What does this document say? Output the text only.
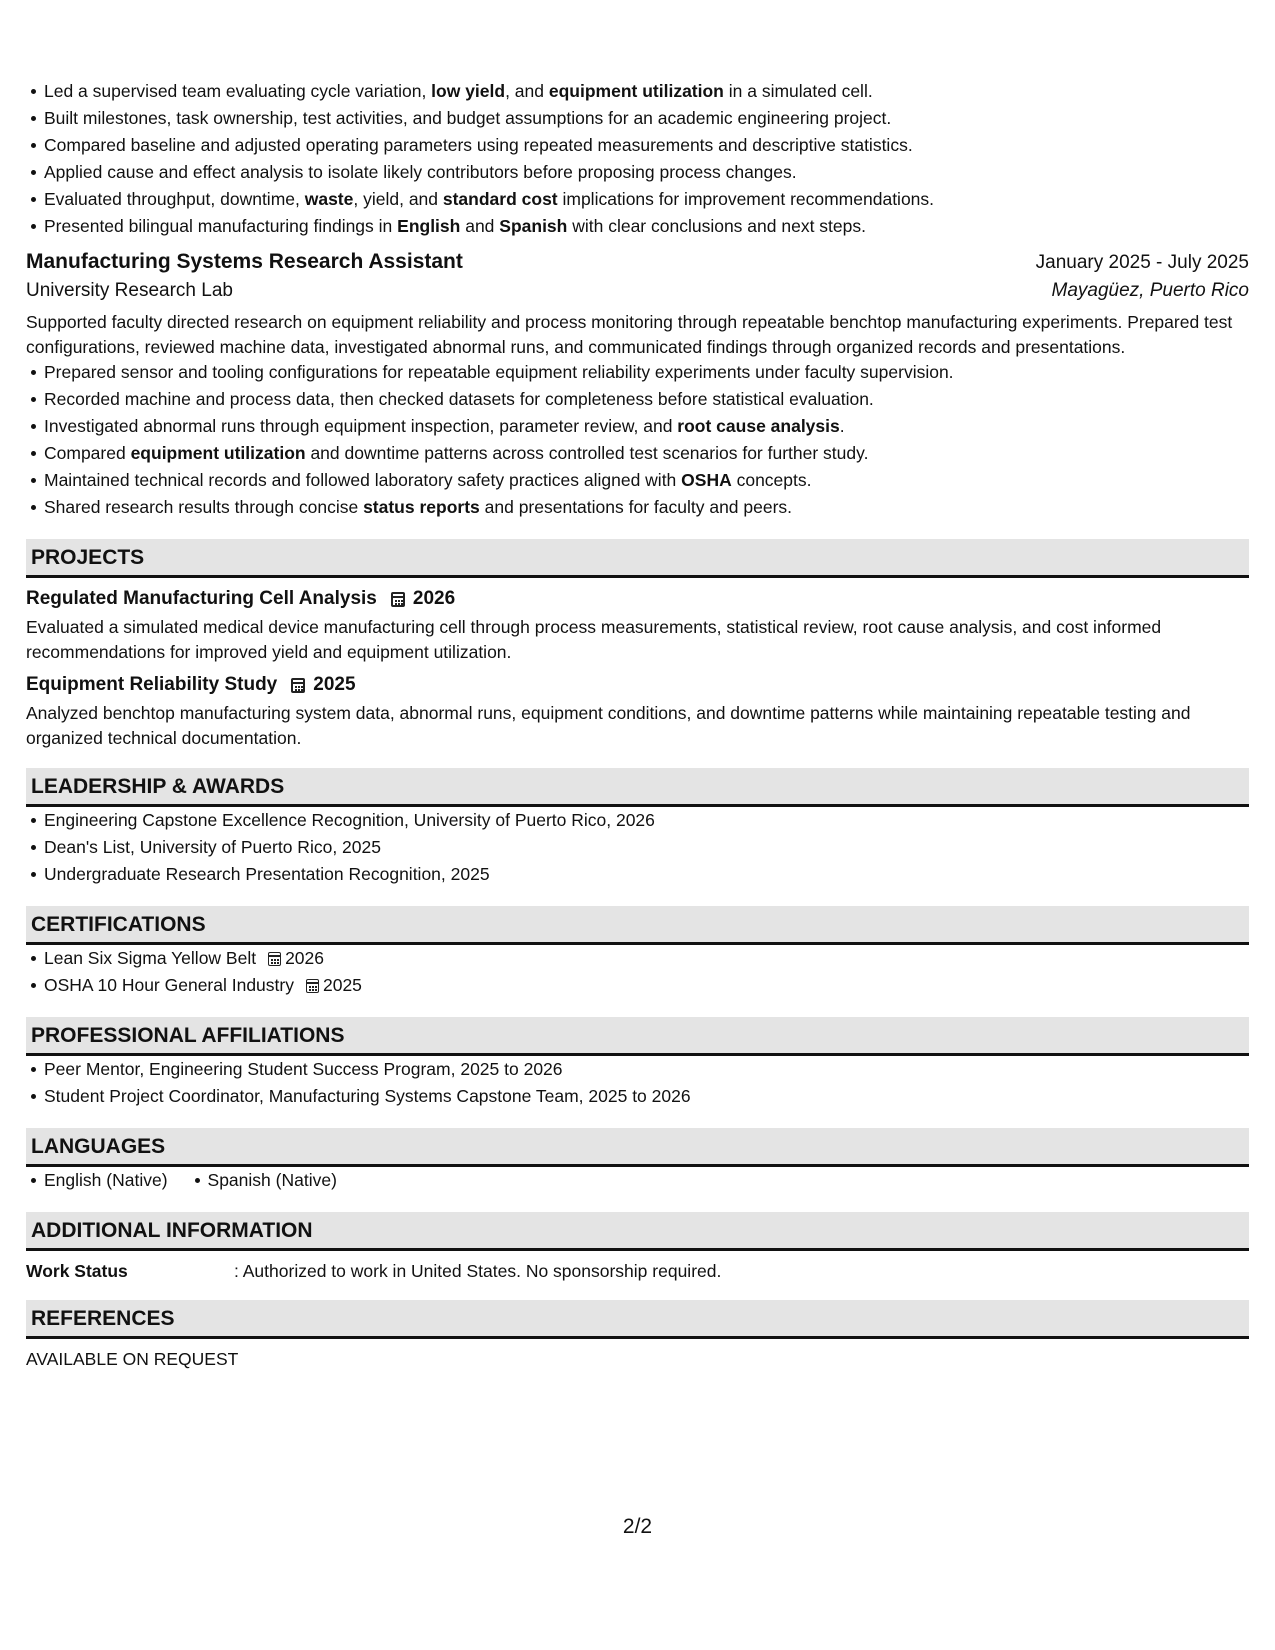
Led a supervised team evaluating cycle variation, low yield, and equipment utilization in a simulated cell.
Built milestones, task ownership, test activities, and budget assumptions for an academic engineering project.
Compared baseline and adjusted operating parameters using repeated measurements and descriptive statistics.
Applied cause and effect analysis to isolate likely contributors before proposing process changes.
Evaluated throughput, downtime, waste, yield, and standard cost implications for improvement recommendations.
Presented bilingual manufacturing findings in English and Spanish with clear conclusions and next steps.
Manufacturing Systems Research Assistant	January 2025 - July 2025
University Research Lab	Mayagüez, Puerto Rico
Supported faculty directed research on equipment reliability and process monitoring through repeatable benchtop manufacturing experiments. Prepared test configurations, reviewed machine data, investigated abnormal runs, and communicated findings through organized records and presentations.
Prepared sensor and tooling configurations for repeatable equipment reliability experiments under faculty supervision.
Recorded machine and process data, then checked datasets for completeness before statistical evaluation.
Investigated abnormal runs through equipment inspection, parameter review, and root cause analysis.
Compared equipment utilization and downtime patterns across controlled test scenarios for further study.
Maintained technical records and followed laboratory safety practices aligned with OSHA concepts.
Shared research results through concise status reports and presentations for faculty and peers.
PROJECTS
Regulated Manufacturing Cell Analysis 2026
Evaluated a simulated medical device manufacturing cell through process measurements, statistical review, root cause analysis, and cost informed recommendations for improved yield and equipment utilization.
Equipment Reliability Study 2025
Analyzed benchtop manufacturing system data, abnormal runs, equipment conditions, and downtime patterns while maintaining repeatable testing and organized technical documentation.
LEADERSHIP & AWARDS
Engineering Capstone Excellence Recognition, University of Puerto Rico, 2026
Dean's List, University of Puerto Rico, 2025
Undergraduate Research Presentation Recognition, 2025
CERTIFICATIONS
Lean Six Sigma Yellow Belt 2026
OSHA 10 Hour General Industry 2025
PROFESSIONAL AFFILIATIONS
Peer Mentor, Engineering Student Success Program, 2025 to 2026
Student Project Coordinator, Manufacturing Systems Capstone Team, 2025 to 2026
LANGUAGES
English (Native) Spanish (Native)
ADDITIONAL INFORMATION
Work Status	: Authorized to work in United States. No sponsorship required.
REFERENCES
AVAILABLE ON REQUEST
2/2
